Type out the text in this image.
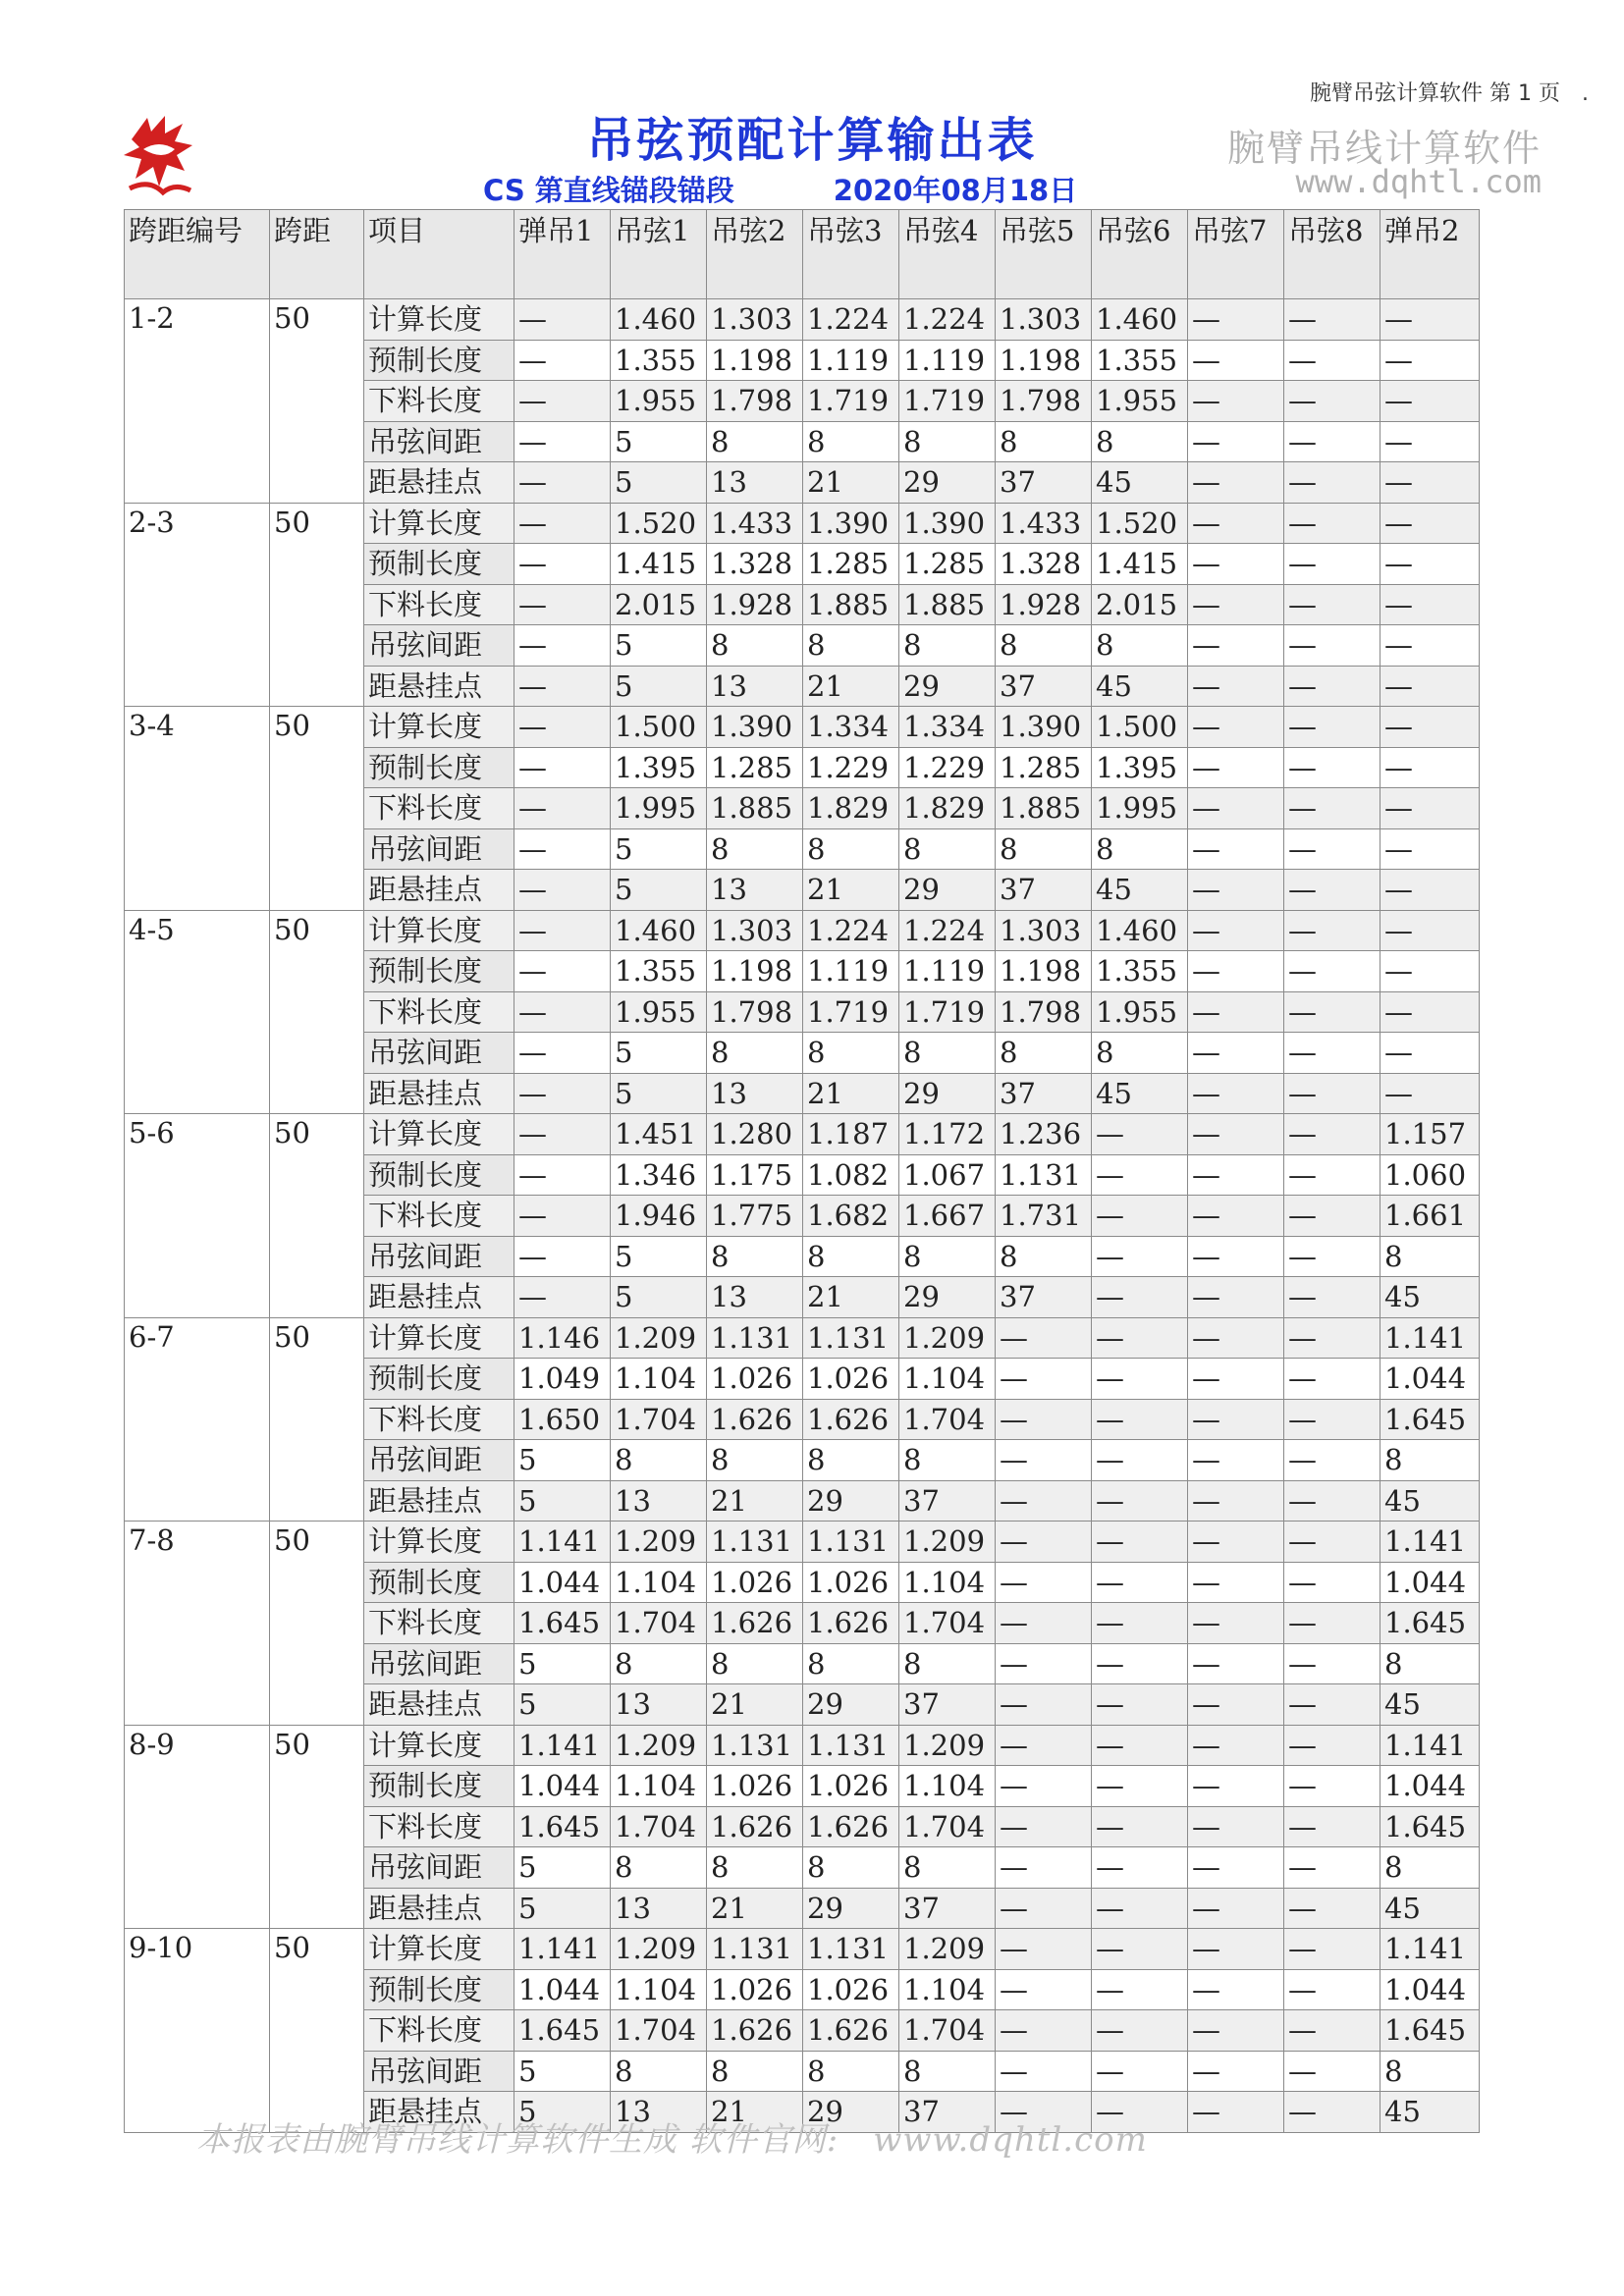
腕臂吊弦计算软件 第 1 页　.
吊弦预配计算输出表
CS 第直线锚段锚段	2020年08月18日
腕臂吊线计算软件
www.dqhtl.com
跨距编号	跨距	项目	弹吊1	吊弦1	吊弦2	吊弦3	吊弦4	吊弦5	吊弦6	吊弦7	吊弦8	弹吊2
1-2	50	计算长度	—	1.460	1.303	1.224	1.224	1.303	1.460	—	—	—
		预制长度	—	1.355	1.198	1.119	1.119	1.198	1.355	—	—	—
		下料长度	—	1.955	1.798	1.719	1.719	1.798	1.955	—	—	—
		吊弦间距	—	5	8	8	8	8	8	—	—	—
		距悬挂点	—	5	13	21	29	37	45	—	—	—
2-3	50	计算长度	—	1.520	1.433	1.390	1.390	1.433	1.520	—	—	—
		预制长度	—	1.415	1.328	1.285	1.285	1.328	1.415	—	—	—
		下料长度	—	2.015	1.928	1.885	1.885	1.928	2.015	—	—	—
		吊弦间距	—	5	8	8	8	8	8	—	—	—
		距悬挂点	—	5	13	21	29	37	45	—	—	—
3-4	50	计算长度	—	1.500	1.390	1.334	1.334	1.390	1.500	—	—	—
		预制长度	—	1.395	1.285	1.229	1.229	1.285	1.395	—	—	—
		下料长度	—	1.995	1.885	1.829	1.829	1.885	1.995	—	—	—
		吊弦间距	—	5	8	8	8	8	8	—	—	—
		距悬挂点	—	5	13	21	29	37	45	—	—	—
4-5	50	计算长度	—	1.460	1.303	1.224	1.224	1.303	1.460	—	—	—
		预制长度	—	1.355	1.198	1.119	1.119	1.198	1.355	—	—	—
		下料长度	—	1.955	1.798	1.719	1.719	1.798	1.955	—	—	—
		吊弦间距	—	5	8	8	8	8	8	—	—	—
		距悬挂点	—	5	13	21	29	37	45	—	—	—
5-6	50	计算长度	—	1.451	1.280	1.187	1.172	1.236	—	—	—	1.157
		预制长度	—	1.346	1.175	1.082	1.067	1.131	—	—	—	1.060
		下料长度	—	1.946	1.775	1.682	1.667	1.731	—	—	—	1.661
		吊弦间距	—	5	8	8	8	8	—	—	—	8
		距悬挂点	—	5	13	21	29	37	—	—	—	45
6-7	50	计算长度	1.146	1.209	1.131	1.131	1.209	—	—	—	—	1.141
		预制长度	1.049	1.104	1.026	1.026	1.104	—	—	—	—	1.044
		下料长度	1.650	1.704	1.626	1.626	1.704	—	—	—	—	1.645
		吊弦间距	5	8	8	8	8	—	—	—	—	8
		距悬挂点	5	13	21	29	37	—	—	—	—	45
7-8	50	计算长度	1.141	1.209	1.131	1.131	1.209	—	—	—	—	1.141
		预制长度	1.044	1.104	1.026	1.026	1.104	—	—	—	—	1.044
		下料长度	1.645	1.704	1.626	1.626	1.704	—	—	—	—	1.645
		吊弦间距	5	8	8	8	8	—	—	—	—	8
		距悬挂点	5	13	21	29	37	—	—	—	—	45
8-9	50	计算长度	1.141	1.209	1.131	1.131	1.209	—	—	—	—	1.141
		预制长度	1.044	1.104	1.026	1.026	1.104	—	—	—	—	1.044
		下料长度	1.645	1.704	1.626	1.626	1.704	—	—	—	—	1.645
		吊弦间距	5	8	8	8	8	—	—	—	—	8
		距悬挂点	5	13	21	29	37	—	—	—	—	45
9-10	50	计算长度	1.141	1.209	1.131	1.131	1.209	—	—	—	—	1.141
		预制长度	1.044	1.104	1.026	1.026	1.104	—	—	—	—	1.044
		下料长度	1.645	1.704	1.626	1.626	1.704	—	—	—	—	1.645
		吊弦间距	5	8	8	8	8	—	—	—	—	8
		距悬挂点	5	13	21	29	37	—	—	—	—	45
本报表由腕臂吊线计算软件生成 软件官网:　www.dqhtl.com
